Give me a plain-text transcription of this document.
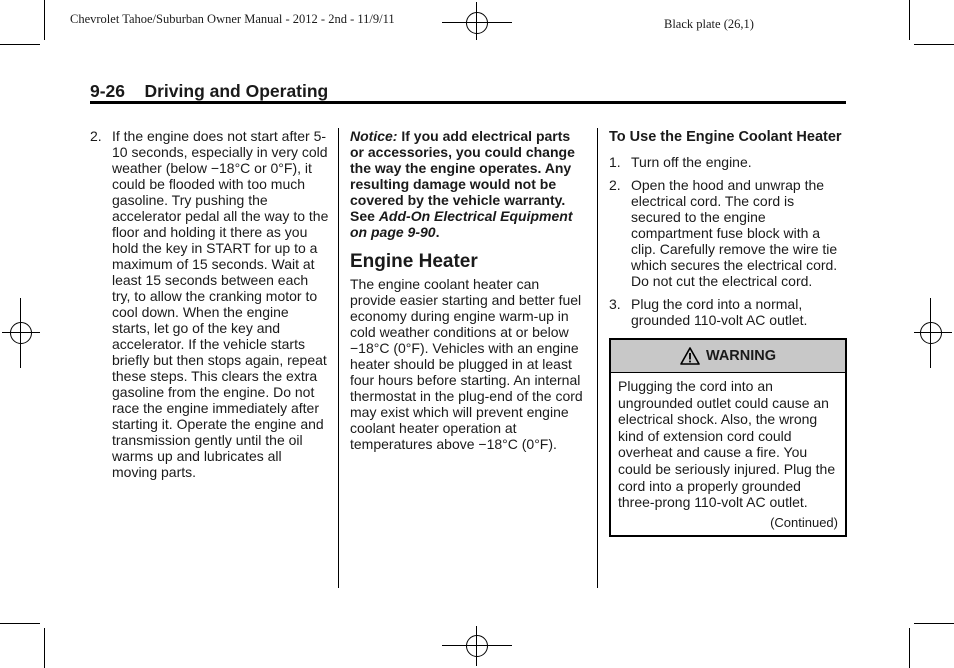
Chevrolet Tahoe/Suburban Owner Manual - 2012 - 2nd - 11/9/11	Black plate (26,1)
9-26 Driving and Operating
2. If the engine does not start after 5-10 seconds, especially in very cold weather (below −18°C or 0°F), it could be flooded with too much gasoline. Try pushing the accelerator pedal all the way to the floor and holding it there as you hold the key in START for up to a maximum of 15 seconds. Wait at least 15 seconds between each try, to allow the cranking motor to cool down. When the engine starts, let go of the key and accelerator. If the vehicle starts briefly but then stops again, repeat these steps. This clears the extra gasoline from the engine. Do not race the engine immediately after starting it. Operate the engine and transmission gently until the oil warms up and lubricates all moving parts.
Notice: If you add electrical parts or accessories, you could change the way the engine operates. Any resulting damage would not be covered by the vehicle warranty. See Add-On Electrical Equipment on page 9-90.
Engine Heater
The engine coolant heater can provide easier starting and better fuel economy during engine warm-up in cold weather conditions at or below −18°C (0°F). Vehicles with an engine heater should be plugged in at least four hours before starting. An internal thermostat in the plug-end of the cord may exist which will prevent engine coolant heater operation at temperatures above −18°C (0°F).
To Use the Engine Coolant Heater
1. Turn off the engine.
2. Open the hood and unwrap the electrical cord. The cord is secured to the engine compartment fuse block with a clip. Carefully remove the wire tie which secures the electrical cord. Do not cut the electrical cord.
3. Plug the cord into a normal, grounded 110-volt AC outlet.
WARNING
Plugging the cord into an ungrounded outlet could cause an electrical shock. Also, the wrong kind of extension cord could overheat and cause a fire. You could be seriously injured. Plug the cord into a properly grounded three-prong 110-volt AC outlet.
(Continued)
